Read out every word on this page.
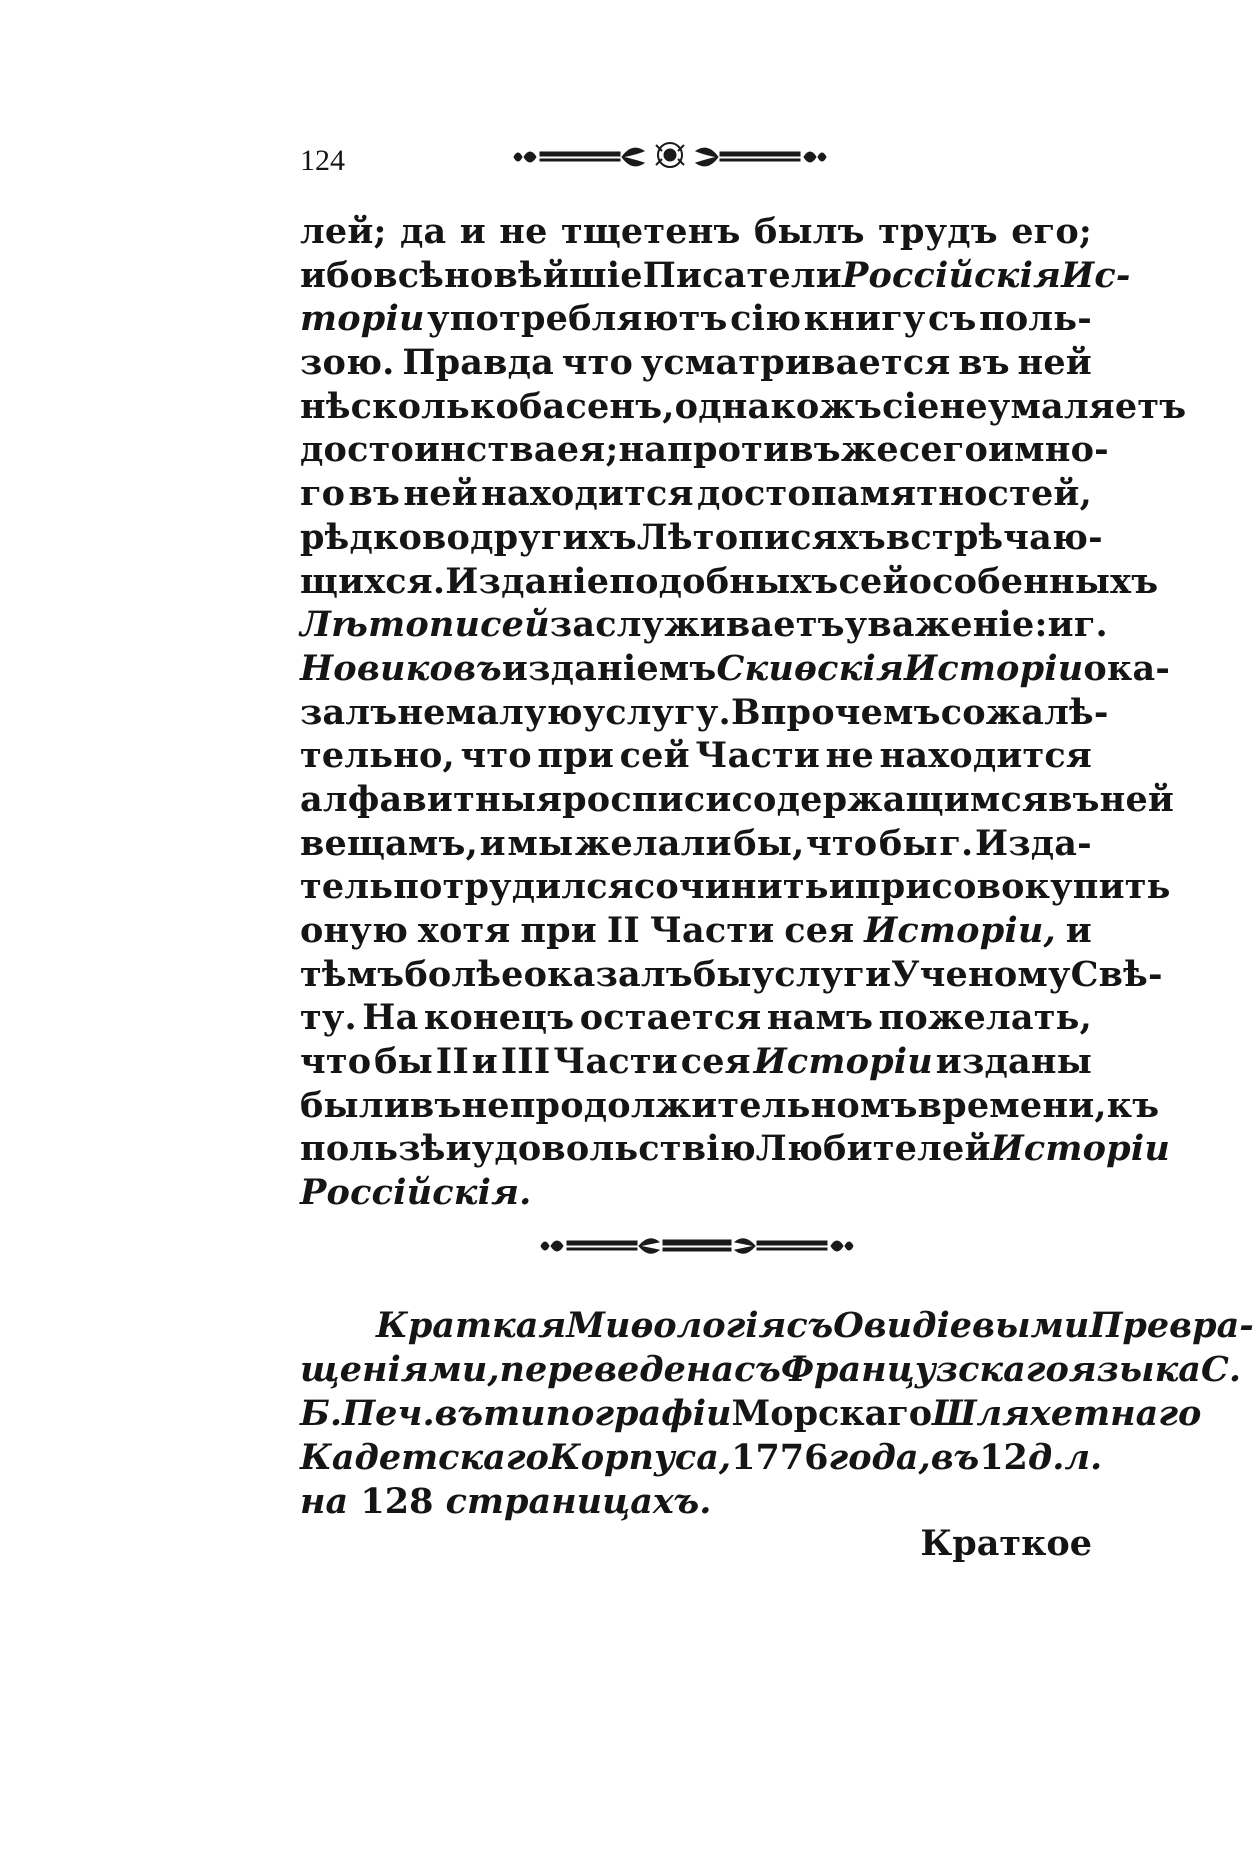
124
лей; да и не тщетенъ былъ трудъ его;
ибо всѣ новѣйшіе Писатели Россійскія Ис-
торіи употребляютъ сію книгу съ поль-
зою. Правда что усматривается въ ней
нѣсколько басенъ, однакожъ сіе не умаляетъ
достоинства ея; напротивъ же сего и мно-
го въ ней находится достопамятностей,
рѣдко во другихъ Лѣтописяхъ встрѣчаю-
щихся. Изданіе подобныхъ сей особенныхъ
Лѣтописей заслуживаетъ уваженіе: и г.
Новиковъ изданіемъ Скиѳскія Исторіи ока-
залъ немалую услугу. Впрочемъ сожалѣ-
тельно, что при сей Части не находится
алфавитныя росписи содержащимся въ ней
вещамъ, и мы желали бы, что бы г. Изда-
тель потрудился сочинить и присовокупить
оную хотя при II Части сея Исторіи, и
тѣмъ болѣе оказалъ бы услуги Ученому Свѣ-
ту. На конецъ остается намъ пожелать,
что бы II и III Части сея Исторіи изданы
были въ непродолжительномъ времени, къ
пользѣ и удовольствію Любителей Исторіи
Россійскія.
Краткая Миѳологія съ Овидіевыми Превра-
щеніями, переведена съ Французскаго языка С.
Б. Печ. въ типографіи Морскаго Шляхетнаго
Кадетскаго Корпуса, 1776 года, въ 12 д. л.
на
128
страницахъ.
Краткое
